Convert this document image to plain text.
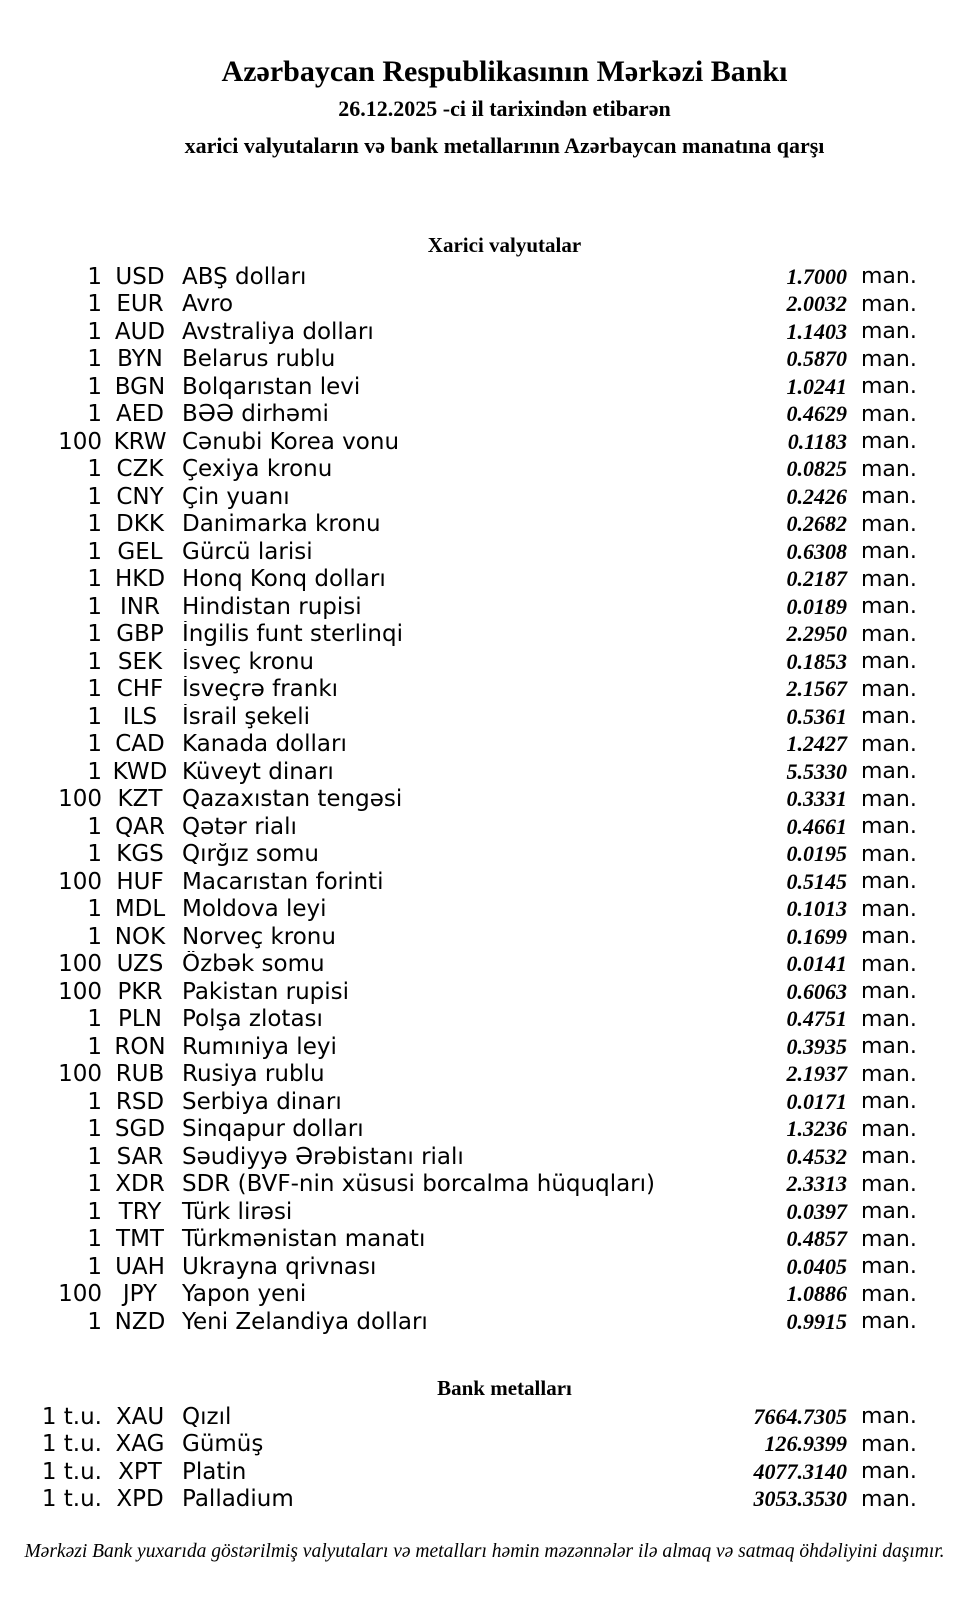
Azərbaycan Respublikasının Mərkəzi Bankı
26.12.2025 -ci il tarixindən etibarən
xarici valyutaların və bank metallarının Azərbaycan manatına qarşı
Xarici valyutalar
1 USD ABŞ dolları	1.7000 man.
1 EUR Avro	2.0032 man.
1 AUD Avstraliya dolları	1.1403 man.
1 BYN Belarus rublu	0.5870 man.
1 BGN Bolqarıstan levi	1.0241 man.
1 AED BƏƏ dirhəmi	0.4629 man.
100 KRW Cənubi Korea vonu	0.1183 man.
1 CZK Çexiya kronu	0.0825 man.
1 CNY Çin yuanı	0.2426 man.
1 DKK Danimarka kronu	0.2682 man.
1 GEL Gürcü larisi	0.6308 man.
1 HKD Honq Konq dolları	0.2187 man.
1 INR Hindistan rupisi	0.0189 man.
1 GBP İngilis funt sterlinqi	2.2950 man.
1 SEK İsveç kronu	0.1853 man.
1 CHF İsveçrə frankı	2.1567 man.
1 ILS	İsrail şekeli	0.5361 man.
1 CAD Kanada dolları	1.2427 man.
1 KWD Küveyt dinarı	5.5330 man.
100 KZT Qazaxıstan tengəsi	0.3331 man.
1 QAR Qətər rialı	0.4661 man.
1 KGS Qırğız somu	0.0195 man.
100 HUF Macarıstan forinti	0.5145 man.
1 MDL Moldova leyi	0.1013 man.
1 NOK Norveç kronu	0.1699 man.
100 UZS Özbək somu	0.0141 man.
100 PKR Pakistan rupisi	0.6063 man.
1 PLN Polşa zlotası	0.4751 man.
1 RON Rumıniya leyi	0.3935 man.
100 RUB Rusiya rublu	2.1937 man.
1 RSD Serbiya dinarı	0.0171 man.
1 SGD Sinqapur dolları	1.3236 man.
1 SAR Səudiyyə Ərəbistanı rialı	0.4532 man.
1 XDR SDR (BVF-nin xüsusi borcalma hüquqları)	2.3313 man.
1 TRY Türk lirəsi	0.0397 man.
1 TMT Türkmənistan manatı	0.4857 man.
1 UAH Ukrayna qrivnası	0.0405 man.
100 JPY	Yapon yeni	1.0886 man.
1 NZD Yeni Zelandiya dolları	0.9915 man.
Bank metalları
1 t.u. XAU Qızıl	7664.7305 man.
1 t.u. XAG Gümüş	126.9399 man.
1 t.u. XPT Platin	4077.3140 man.
1 t.u. XPD Palladium	3053.3530 man.
Mərkəzi Bank yuxarıda göstərilmiş valyutaları və metalları həmin məzənnələr ilə almaq və satmaq öhdəliyini daşımır.
